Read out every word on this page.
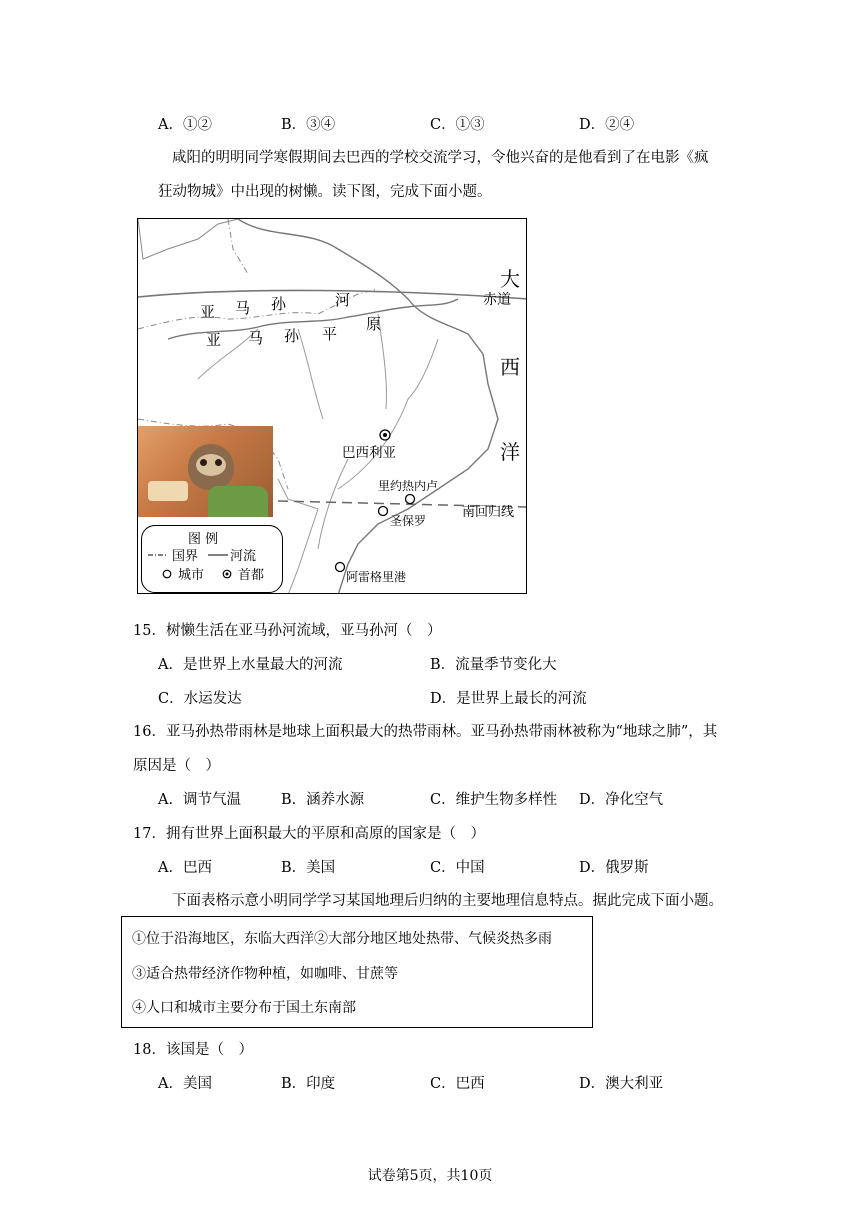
A．①②	B．③④	C．①③	D．②④
咸阳的明明同学寒假期间去巴西的学校交流学习，令他兴奋的是他看到了在电影《疯
狂动物城》中出现的树懒。读下图，完成下面小题。
大
赤道
西
洋
南回归线
亚 马 孙	河
亚 马 孙 平
原
巴西利亚
里约热内卢
圣保罗
阿雷格里港
图 例
国界 河流
城市	首都
15．树懒生活在亚马孙河流域，亚马孙河（　）
A．是世界上水量最大的河流	B．流量季节变化大
C．水运发达	D．是世界上最长的河流
16．亚马孙热带雨林是地球上面积最大的热带雨林。亚马孙热带雨林被称为“地球之肺”，其
原因是（　）
A．调节气温	B．涵养水源	C．维护生物多样性 D．净化空气
17．拥有世界上面积最大的平原和高原的国家是（　）
A．巴西	B．美国	C．中国	D．俄罗斯
下面表格示意小明同学学习某国地理后归纳的主要地理信息特点。据此完成下面小题。
①位于沿海地区，东临大西洋②大部分地区地处热带、气候炎热多雨
③适合热带经济作物种植，如咖啡、甘蔗等
④人口和城市主要分布于国土东南部
18．该国是（　）
A．美国	B．印度	C．巴西	D．澳大利亚
试卷第5页，共10页
